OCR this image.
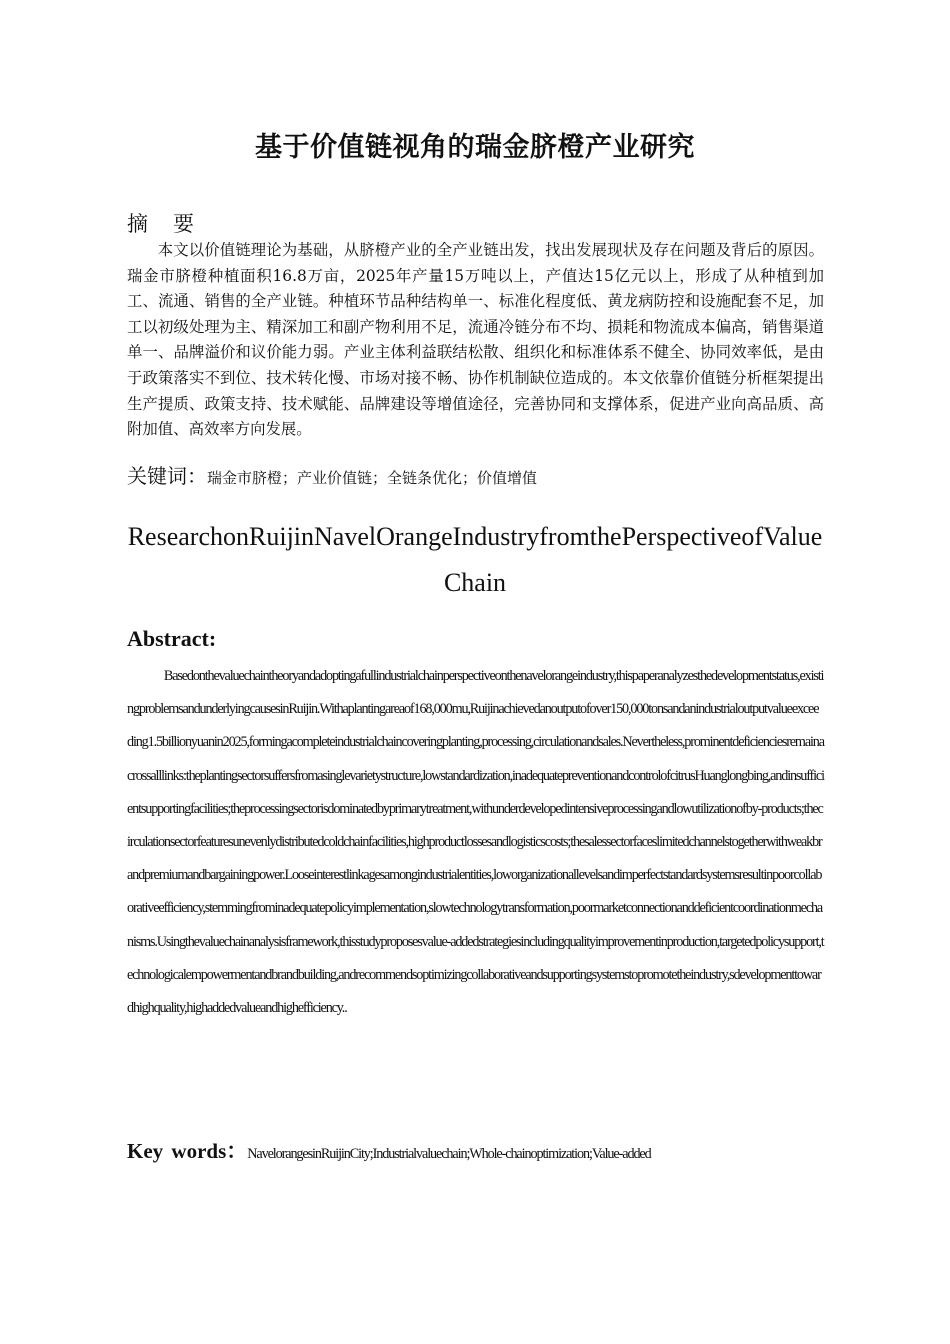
基于价值链视角的瑞金脐橙产业研究
摘　要

本文以价值链理论为基础，从脐橙产业的全产业链出发，找出发展现状及存在问题及背后的原因。瑞金市脐橙种植面积16.8万亩，2025年产量15万吨以上，产值达15亿元以上，形成了从种植到加工、流通、销售的全产业链。种植环节品种结构单一、标准化程度低、黄龙病防控和设施配套不足，加工以初级处理为主、精深加工和副产物利用不足，流通冷链分布不均、损耗和物流成本偏高，销售渠道单一、品牌溢价和议价能力弱。产业主体利益联结松散、组织化和标准体系不健全、协同效率低，是由于政策落实不到位、技术转化慢、市场对接不畅、协作机制缺位造成的。本文依靠价值链分析框架提出生产提质、政策支持、技术赋能、品牌建设等增值途径，完善协同和支撑体系，促进产业向高品质、高附加值、高效率方向发展。

关键词：瑞金市脐橙；产业价值链；全链条优化；价值增值
ResearchonRuijinNavelOrangeIndustryfromthePerspectiveofValue Chain
Abstract:

Basedonthevaluechaintheoryandadoptingafullindustrialchainperspectiveonthenavelorangeindustry,thispaperanalyzesthedevelopmentstatus,existingproblemsandunderlyingcausesinRuijin.Withaplantingareaof168,000mu,Ruijinachievedanoutputofover150,000tonsandanindustrialoutputvalueexceeding1.5billionyuanin2025,formingacompleteindustrialchaincoveringplanting,processing,circulationandsales.Nevertheless,prominentdeficienciesremainacrossalllinks:theplantingsectorsuffersfromasinglevarietystructure,lowstandardization,inadequatepreventionandcontrolofcitrusHuanglongbing,andinsufficientsupportingfacilities;theprocessingsectorisdominatedbyprimarytreatment,withunderdevelopedintensiveprocessingandlowutilizationofby-products;thecirculationsectorfeaturesunevenlydistributedcoldchainfacilities,highproductlossesandlogisticscosts;thesalessectorfaceslimitedchannelstogetherwithweakbrandpremiumandbargainingpower.Looseinterestlinkagesamongindustrialentities,loworganizationallevelsandimperfectstandardsystemsresultinpoorcollaborativeefficiency,stemmingfrominadequatepolicyimplementation,slowtechnologytransformation,poormarketconnectionanddeficientcoordinationmechanisms.Usingthevaluechainanalysisframework,thisstudyproposesvalue-addedstrategiesincludingqualityimprovementinproduction,targetedpolicysupport,technologicalempowermentandbrandbuilding,andrecommendsoptimizingcollaborativeandsupportingsystemstopromotetheindustry,sdevelopmenttowardhighquality,highaddedvalueandhighefficiency..

Key words：NavelorangesinRuijinCity;Industrialvaluechain;Whole-chainoptimization;Value-added
